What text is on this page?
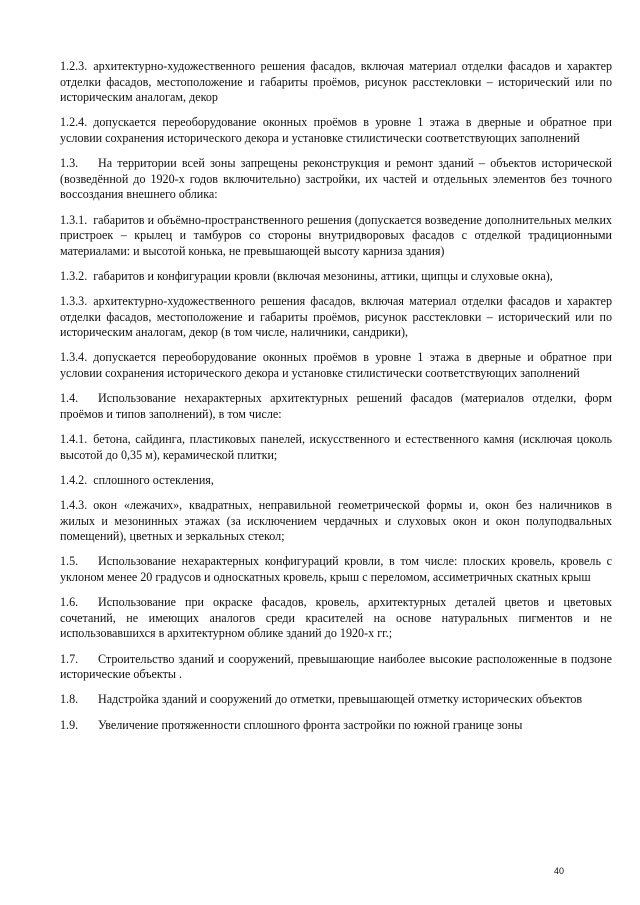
1.2.3. архитектурно-художественного решения фасадов, включая материал отделки фасадов и характер отделки фасадов, местоположение и габариты проёмов, рисунок расстекловки – исторический или по историческим аналогам, декор

1.2.4. допускается переоборудование оконных проёмов в уровне 1 этажа в дверные и обратное при условии сохранения исторического декора и установке стилистически соответствующих заполнений

1.3. На территории всей зоны запрещены реконструкция и ремонт зданий – объектов исторической (возведённой до 1920-х годов включительно) застройки, их частей и отдельных элементов без точного воссоздания внешнего облика:

1.3.1. габаритов и объёмно-пространственного решения (допускается возведение дополнительных мелких пристроек – крылец и тамбуров со стороны внутридворовых фасадов с отделкой традиционными материалами: и высотой конька, не превышающей высоту карниза здания)

1.3.2. габаритов и конфигурации кровли (включая мезонины, аттики, щипцы и слуховые окна),

1.3.3. архитектурно-художественного решения фасадов, включая материал отделки фасадов и характер отделки фасадов, местоположение и габариты проёмов, рисунок расстекловки – исторический или по историческим аналогам, декор (в том числе, наличники, сандрики),

1.3.4. допускается переоборудование оконных проёмов в уровне 1 этажа в дверные и обратное при условии сохранения исторического декора и установке стилистически соответствующих заполнений

1.4. Использование нехарактерных архитектурных решений фасадов (материалов отделки, форм проёмов и типов заполнений), в том числе:

1.4.1. бетона, сайдинга, пластиковых панелей, искусственного и естественного камня (исключая цоколь высотой до 0,35 м), керамической плитки;

1.4.2. сплошного остекления,

1.4.3. окон «лежачих», квадратных, неправильной геометрической формы и, окон без наличников в жилых и мезонинных этажах (за исключением чердачных и слуховых окон и окон полуподвальных помещений), цветных и зеркальных стекол;

1.5. Использование нехарактерных конфигураций кровли, в том числе: плоских кровель, кровель с уклоном менее 20 градусов и односкатных кровель, крыш с переломом, ассиметричных скатных крыш

1.6. Использование при окраске фасадов, кровель, архитектурных деталей цветов и цветовых сочетаний, не имеющих аналогов среди красителей на основе натуральных пигментов и не использовавшихся в архитектурном облике зданий до 1920-х гг.;

1.7. Строительство зданий и сооружений, превышающие наиболее высокие расположенные в подзоне исторические объекты .

1.8. Надстройка зданий и сооружений до отметки, превышающей отметку исторических объектов

1.9. Увеличение протяженности сплошного фронта застройки по южной границе зоны

40
